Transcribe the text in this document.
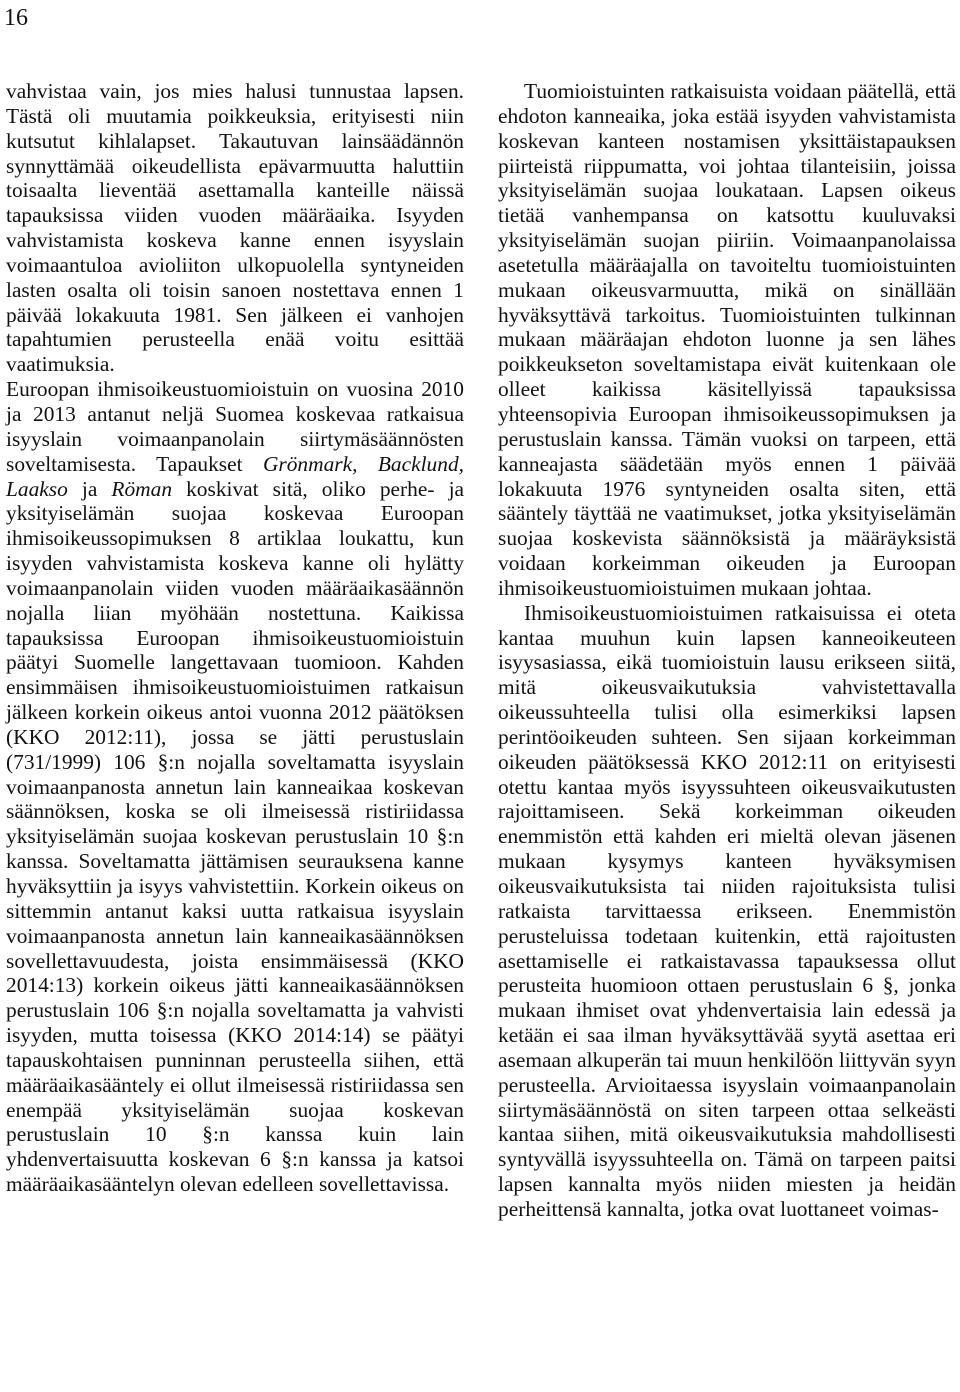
16

vahvistaa vain, jos mies halusi tunnustaa lapsen. Tästä oli muutamia poikkeuksia, erityisesti niin kutsutut kihlalapset. Takautuvan lainsäädännön synnyttämää oikeudellista epävarmuutta haluttiin toisaalta lieventää asettamalla kanteille näissä tapauksissa viiden vuoden määräaika. Isyyden vahvistamista koskeva kanne ennen isyyslain voimaantuloa avioliiton ulkopuolella syntyneiden lasten osalta oli toisin sanoen nostettava ennen 1 päivää lokakuuta 1981. Sen jälkeen ei vanhojen tapahtumien perusteella enää voitu esittää vaatimuksia.

Euroopan ihmisoikeustuomioistuin on vuosina 2010 ja 2013 antanut neljä Suomea koskevaa ratkaisua isyyslain voimaanpanolain siirtymäsäännösten soveltamisesta. Tapaukset Grönmark, Backlund, Laakso ja Röman koskivat sitä, oliko perhe- ja yksityiselämän suojaa koskevaa Euroopan ihmisoikeussopimuksen 8 artiklaa loukattu, kun isyyden vahvistamista koskeva kanne oli hylätty voimaanpanolain viiden vuoden määräaikasäännön nojalla liian myöhään nostettuna. Kaikissa tapauksissa Euroopan ihmisoikeustuomioistuin päätyi Suomelle langettavaan tuomioon. Kahden ensimmäisen ihmisoikeustuomioistuimen ratkaisun jälkeen korkein oikeus antoi vuonna 2012 päätöksen (KKO 2012:11), jossa se jätti perustuslain (731/1999) 106 §:n nojalla soveltamatta isyyslain voimaanpanosta annetun lain kanneaikaa koskevan säännöksen, koska se oli ilmeisessä ristiriidassa yksityiselämän suojaa koskevan perustuslain 10 §:n kanssa. Soveltamatta jättämisen seurauksena kanne hyväksyttiin ja isyys vahvistettiin. Korkein oikeus on sittemmin antanut kaksi uutta ratkaisua isyyslain voimaanpanosta annetun lain kanneaikasäännöksen sovellettavuudesta, joista ensimmäisessä (KKO 2014:13) korkein oikeus jätti kanneaikasäännöksen perustuslain 106 §:n nojalla soveltamatta ja vahvisti isyyden, mutta toisessa (KKO 2014:14) se päätyi tapauskohtaisen punninnan perusteella siihen, että määräaikasääntely ei ollut ilmeisessä ristiriidassa sen enempää yksityiselämän suojaa koskevan perustuslain 10 §:n kanssa kuin lain yhdenvertaisuutta koskevan 6 §:n kanssa ja katsoi määräaikasääntelyn olevan edelleen sovellettavissa.

Tuomioistuinten ratkaisuista voidaan päätellä, että ehdoton kanneaika, joka estää isyyden vahvistamista koskevan kanteen nostamisen yksittäistapauksen piirteistä riippumatta, voi johtaa tilanteisiin, joissa yksityiselämän suojaa loukataan. Lapsen oikeus tietää vanhempansa on katsottu kuuluvaksi yksityiselämän suojan piiriin. Voimaanpanolaissa asetetulla määräajalla on tavoiteltu tuomioistuinten mukaan oikeusvarmuutta, mikä on sinällään hyväksyttävä tarkoitus. Tuomioistuinten tulkinnan mukaan määräajan ehdoton luonne ja sen lähes poikkeukseton soveltamistapa eivät kuitenkaan ole olleet kaikissa käsitellyissä tapauksissa yhteensopivia Euroopan ihmisoikeussopimuksen ja perustuslain kanssa. Tämän vuoksi on tarpeen, että kanneajasta säädetään myös ennen 1 päivää lokakuuta 1976 syntyneiden osalta siten, että sääntely täyttää ne vaatimukset, jotka yksityiselämän suojaa koskevista säännöksistä ja määräyksistä voidaan korkeimman oikeuden ja Euroopan ihmisoikeustuomioistuimen mukaan johtaa.

Ihmisoikeustuomioistuimen ratkaisuissa ei oteta kantaa muuhun kuin lapsen kanneoikeuteen isyysasiassa, eikä tuomioistuin lausu erikseen siitä, mitä oikeusvaikutuksia vahvistettavalla oikeussuhteella tulisi olla esimerkiksi lapsen perintöoikeuden suhteen. Sen sijaan korkeimman oikeuden päätöksessä KKO 2012:11 on erityisesti otettu kantaa myös isyyssuhteen oikeusvaikutusten rajoittamiseen. Sekä korkeimman oikeuden enemmistön että kahden eri mieltä olevan jäsenen mukaan kysymys kanteen hyväksymisen oikeusvaikutuksista tai niiden rajoituksista tulisi ratkaista tarvittaessa erikseen. Enemmistön perusteluissa todetaan kuitenkin, että rajoitusten asettamiselle ei ratkaistavassa tapauksessa ollut perusteita huomioon ottaen perustuslain 6 §, jonka mukaan ihmiset ovat yhdenvertaisia lain edessä ja ketään ei saa ilman hyväksyttävää syytä asettaa eri asemaan alkuperän tai muun henkilöön liittyvän syyn perusteella. Arvioitaessa isyyslain voimaanpanolain siirtymäsäännöstä on siten tarpeen ottaa selkeästi kantaa siihen, mitä oikeusvaikutuksia mahdollisesti syntyvällä isyyssuhteella on. Tämä on tarpeen paitsi lapsen kannalta myös niiden miesten ja heidän perheittensä kannalta, jotka ovat luottaneet voimas-
